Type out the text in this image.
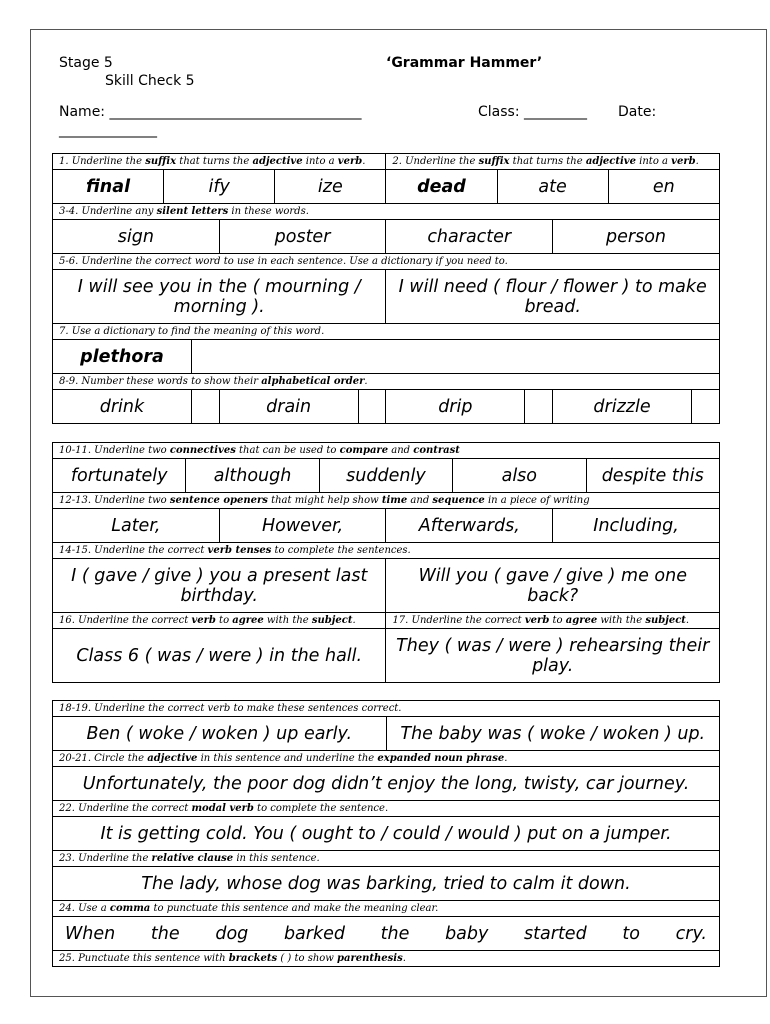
Stage 5
Skill Check 5
‘Grammar Hammer’
Name: ____________________________________	Class: _________ Date:
______________
1. Underline the suffix that turns the adjective into a verb.						2. Underline the suffix that turns the adjective into a verb.					
final	ify			ize		dead	ate			en	
3-4. Underline any silent letters in these words.											
sign			poster			character			person		
5-6. Underline the correct word to use in each sentence. Use a dictionary if you need to.											
I will see you in the ( mourning / morning ).						I will need ( flour / flower ) to make bread.					
7. Use a dictionary to find the meaning of this word.											
plethora											
8-9. Number these words to show their alphabetical order.											
drink			drain			drip			drizzle		
10-11. Underline two connectives that can be used to compare and contrast							
fortunately	although		suddenly		also		despite this
12-13. Underline two sentence openers that might help show time and sequence in a piece of writing							
Later,		However,		Afterwards,		Including,	
14-15. Underline the correct verb tenses to complete the sentences.							
I ( gave / give ) you a present last birthday.				Will you ( gave / give ) me one back?			
16. Underline the correct verb to agree with the subject.				17. Underline the correct verb to agree with the subject.			
Class 6 ( was / were ) in the hall.				They ( was / were ) rehearsing their play.			
18-19. Underline the correct verb to make these sentences correct.
Ben ( woke / woken ) up early.	The baby was ( woke / woken ) up.
20-21. Circle the adjective in this sentence and underline the expanded noun phrase.
Unfortunately, the poor dog didn’t enjoy the long, twisty, car journey.
22. Underline the correct modal verb to complete the sentence.
It is getting cold. You ( ought to / could / would ) put on a jumper.
23. Underline the relative clause in this sentence.
The lady, whose dog was barking, tried to calm it down.
24. Use a comma to punctuate this sentence and make the meaning clear.
When the dog barked the baby started to cry.
25. Punctuate this sentence with brackets ( ) to show parenthesis.
